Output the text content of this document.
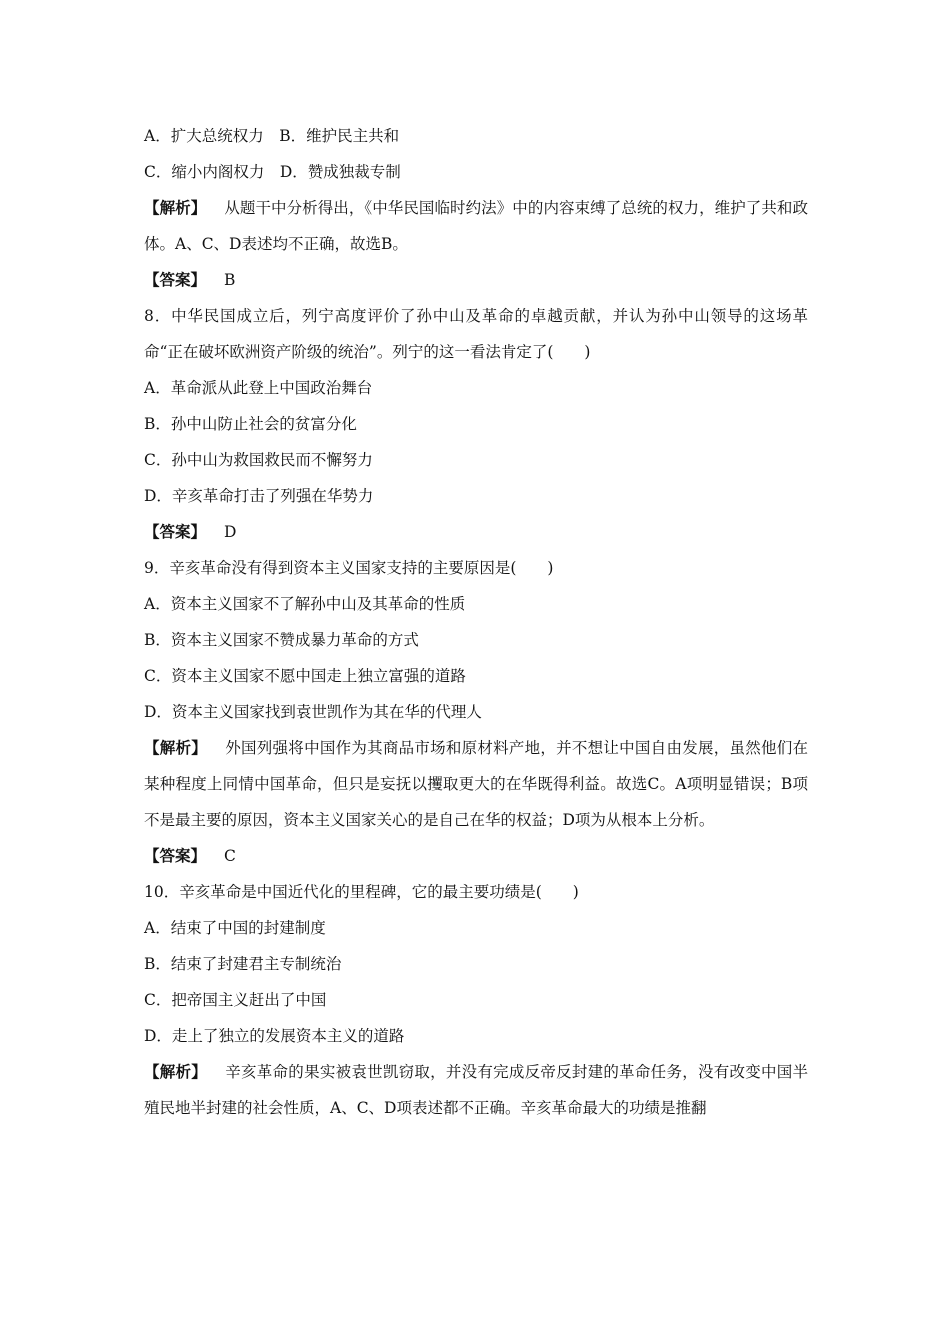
A．扩大总统权力　B．维护民主共和
C．缩小内阁权力　D．赞成独裁专制
【解析】 从题干中分析得出，《中华民国临时约法》中的内容束缚了总统的权力，维护了共和政体。A、C、D表述均不正确，故选B。
【答案】 B
8．中华民国成立后，列宁高度评价了孙中山及革命的卓越贡献，并认为孙中山领导的这场革命“正在破坏欧洲资产阶级的统治”。列宁的这一看法肯定了(　　)
A．革命派从此登上中国政治舞台
B．孙中山防止社会的贫富分化
C．孙中山为救国救民而不懈努力
D．辛亥革命打击了列强在华势力
【答案】 D
9．辛亥革命没有得到资本主义国家支持的主要原因是(　　)
A．资本主义国家不了解孙中山及其革命的性质
B．资本主义国家不赞成暴力革命的方式
C．资本主义国家不愿中国走上独立富强的道路
D．资本主义国家找到袁世凯作为其在华的代理人
【解析】 外国列强将中国作为其商品市场和原材料产地，并不想让中国自由发展，虽然他们在某种程度上同情中国革命，但只是妄抚以攫取更大的在华既得利益。故选C。A项明显错误；B项不是最主要的原因，资本主义国家关心的是自己在华的权益；D项为从根本上分析。
【答案】 C
10．辛亥革命是中国近代化的里程碑，它的最主要功绩是(　　)
A．结束了中国的封建制度
B．结束了封建君主专制统治
C．把帝国主义赶出了中国
D．走上了独立的发展资本主义的道路
【解析】 辛亥革命的果实被袁世凯窃取，并没有完成反帝反封建的革命任务，没有改变中国半殖民地半封建的社会性质，A、C、D项表述都不正确。辛亥革命最大的功绩是推翻
